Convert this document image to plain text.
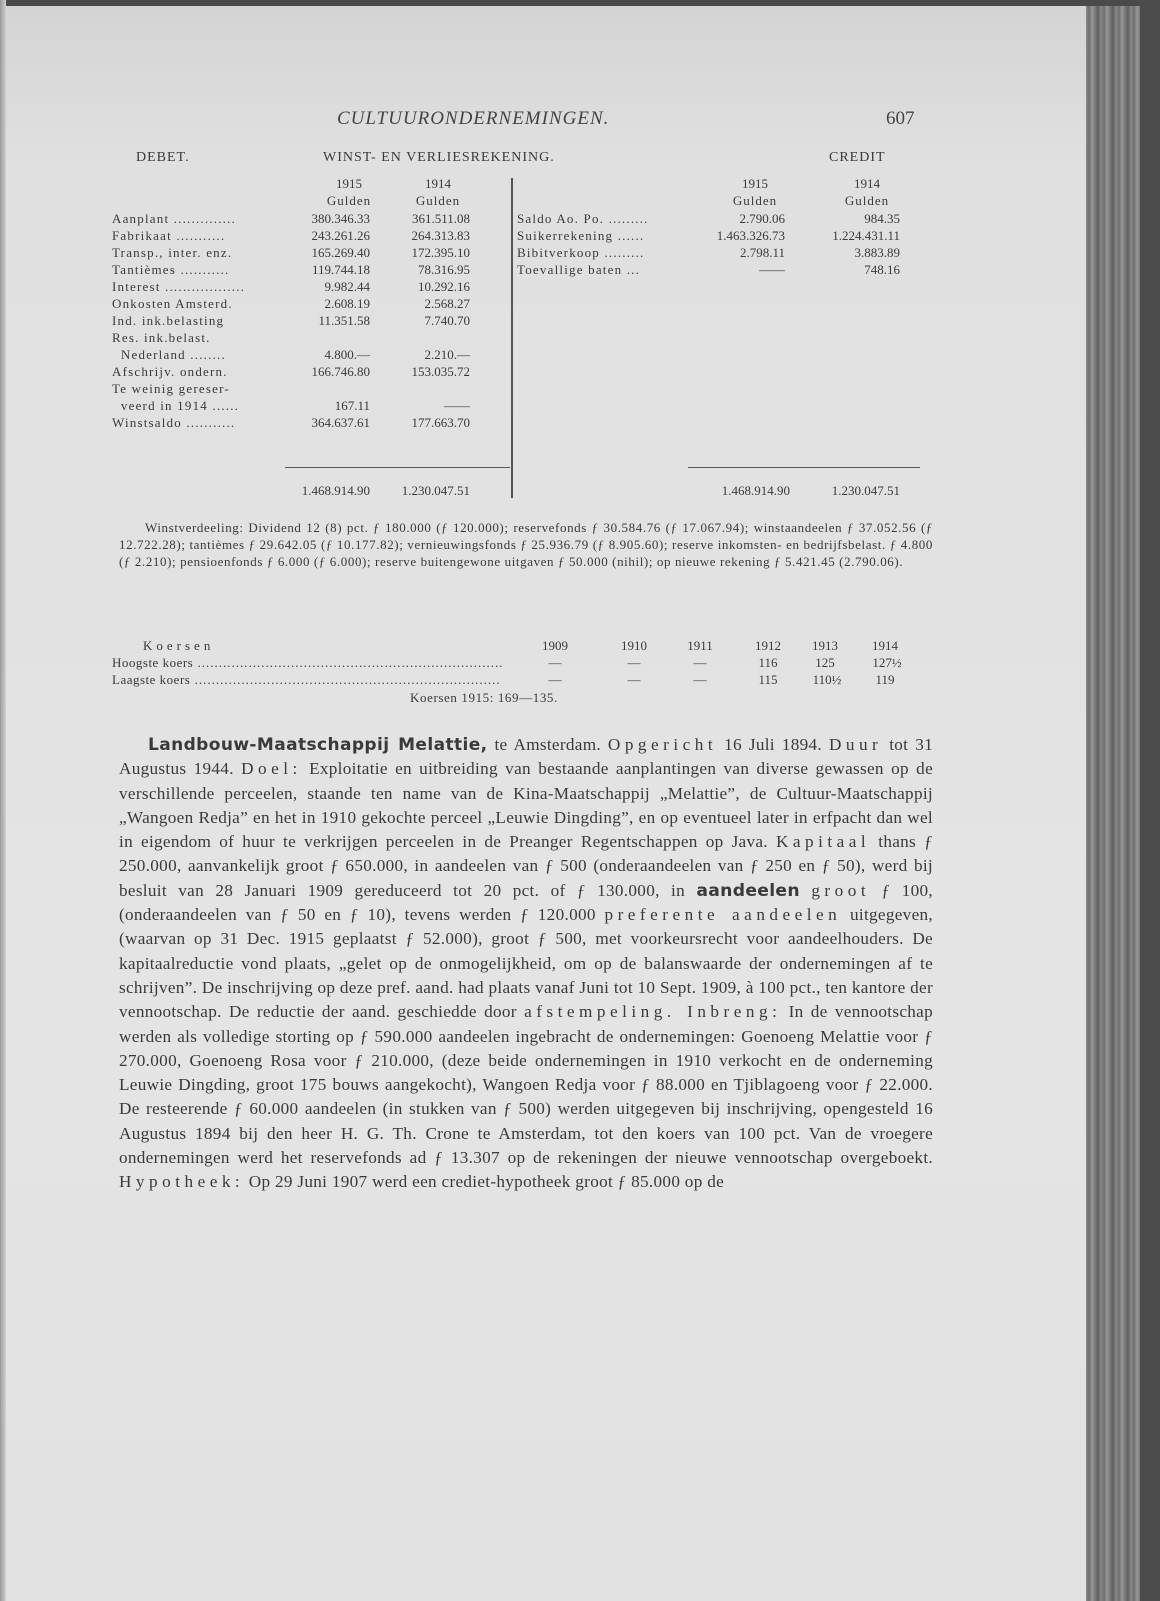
CULTUURONDERNEMINGEN.	607
DEBET.	WINST- EN VERLIESREKENING.	CREDIT
1915	1914
Gulden	Gulden
1915	1914
Gulden	Gulden
Aanplant ..............	380.346.33	361.511.08
Fabrikaat ...........	243.261.26	264.313.83
Transp., inter. enz.	165.269.40	172.395.10
Tantièmes ...........	119.744.18	78.316.95
Interest ..................	9.982.44	10.292.16
Onkosten Amsterd.	2.608.19	2.568.27
Ind. ink.belasting	11.351.58	7.740.70
Res. ink.belast.
Nederland ........	4.800.—	2.210.—
Afschrijv. ondern.	166.746.80	153.035.72
Te weinig gereser-
veerd in 1914 ......	167.11	——
Winstsaldo ...........	364.637.61	177.663.70
1.468.914.90	1.230.047.51
Saldo Ao. Po. .........	2.790.06	984.35
Suikerrekening ......	1.463.326.73	1.224.431.11
Bibitverkoop .........	2.798.11	3.883.89
Toevallige baten ...	——	748.16
1.468.914.90	1.230.047.51

Winstverdeeling: Dividend 12 (8) pct. ƒ 180.000 (ƒ 120.000); reservefonds ƒ 30.584.76 (ƒ 17.067.94); winstaandeelen ƒ 37.052.56 (ƒ 12.722.28); tantièmes ƒ 29.642.05 (ƒ 10.177.82); vernieuwingsfonds ƒ 25.936.79 (ƒ 8.905.60); reserve inkomsten- en bedrijfsbelast. ƒ 4.800 (ƒ 2.210); pensioenfonds ƒ 6.000 (ƒ 6.000); reserve buitengewone uitgaven ƒ 50.000 (nihil); op nieuwe rekening ƒ 5.421.45 (2.790.06).

Koersen	1909	1910	1911	1912 1913	1914
Hoogste koers ........................................................................	—	—	—	116	125	127½
Laagste koers ........................................................................	—	—	—	115	110½	119
Koersen 1915: 169—135.

Landbouw-Maatschappij Melattie, te Amsterdam. Opgericht 16 Juli 1894. Duur tot 31 Augustus 1944. Doel: Exploitatie en uitbreiding van bestaande aanplantingen van diverse gewassen op de verschillende perceelen, staande ten name van de Kina-Maatschappij „Melattie”, de Cultuur-Maatschappij „Wangoen Redja” en het in 1910 gekochte perceel „Leuwie Dingding”, en op eventueel later in erfpacht dan wel in eigendom of huur te verkrijgen perceelen in de Preanger Regentschappen op Java. Kapitaal thans ƒ 250.000, aanvankelijk groot ƒ 650.000, in aandeelen van ƒ 500 (onderaandeelen van ƒ 250 en ƒ 50), werd bij besluit van 28 Januari 1909 gereduceerd tot 20 pct. of ƒ 130.000, in aandeelen groot ƒ 100, (onderaandeelen van ƒ 50 en ƒ 10), tevens werden ƒ 120.000 preferente aandeelen uitgegeven, (waarvan op 31 Dec. 1915 geplaatst ƒ 52.000), groot ƒ 500, met voorkeursrecht voor aandeelhouders. De kapitaalreductie vond plaats, „gelet op de onmogelijkheid, om op de balanswaarde der ondernemingen af te schrijven”. De inschrijving op deze pref. aand. had plaats vanaf Juni tot 10 Sept. 1909, à 100 pct., ten kantore der vennootschap. De reductie der aand. geschiedde door afstempeling. Inbreng: In de vennootschap werden als volledige storting op ƒ 590.000 aandeelen ingebracht de ondernemingen: Goenoeng Melattie voor ƒ 270.000, Goenoeng Rosa voor ƒ 210.000, (deze beide ondernemingen in 1910 verkocht en de onderneming Leuwie Dingding, groot 175 bouws aangekocht), Wangoen Redja voor ƒ 88.000 en Tjiblagoeng voor ƒ 22.000. De resteerende ƒ 60.000 aandeelen (in stukken van ƒ 500) werden uitgegeven bij inschrijving, opengesteld 16 Augustus 1894 bij den heer H. G. Th. Crone te Amsterdam, tot den koers van 100 pct. Van de vroegere ondernemingen werd het reservefonds ad ƒ 13.307 op de rekeningen der nieuwe vennootschap overgeboekt. Hypotheek: Op 29 Juni 1907 werd een crediet-hypotheek groot ƒ 85.000 op de
